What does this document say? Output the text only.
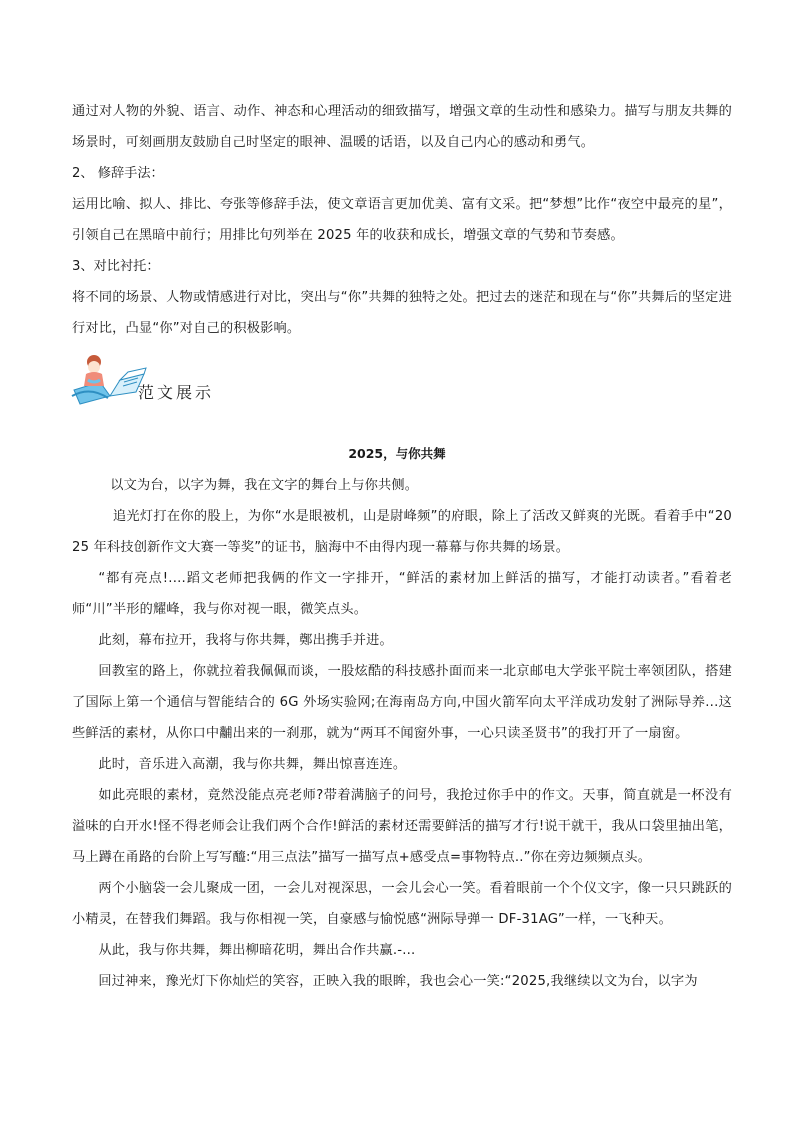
通过对人物的外貌、语言、动作、神态和心理活动的细致描写，增强文章的生动性和感染力。描写与朋友共舞的场景时，可刻画朋友鼓励自己时坚定的眼神、温暖的话语，以及自己内心的感动和勇气。

2、 修辞手法：

运用比喻、拟人、排比、夸张等修辞手法，使文章语言更加优美、富有文采。把“梦想”比作“夜空中最亮的星”，引领自己在黑暗中前行；用排比句列举在 2025 年的收获和成长，增强文章的气势和节奏感。

3、对比衬托：

将不同的场景、人物或情感进行对比，突出与“你”共舞的独特之处。把过去的迷茫和现在与“你”共舞后的坚定进行对比，凸显“你”对自己的积极影响。

范文展示
2025，与你共舞

以文为台，以字为舞，我在文字的舞台上与你共侧。

追光灯打在你的股上，为你“水是眼被机，山是尉峰频”的府眼，除上了活改又鲜爽的光既。看着手中“2025 年科技创新作文大赛一等奖”的证书，脑海中不由得内现一幕幕与你共舞的场景。

“都有亮点!.…蹈文老师把我俩的作文一字排开，“鲜活的素材加上鲜活的描写，才能打动读者。”看着老师“川”半形的耀峰，我与你对视一眼，微笑点头。

此刻，幕布拉开，我将与你共舞，鄭出携手并进。

回教室的路上，你就拉着我佩佩而谈，一股炫酷的科技感扑面而来一北京邮电大学张平院士率领团队，搭建了国际上第一个通信与智能结合的 6G 外场实验网;在海南岛方向,中国火箭军向太平洋成功发射了洲际导养...这些鲜活的素材，从你口中黼出来的一刹那，就为“两耳不闻窗外事，一心只读圣贤书”的我打开了一扇窗。

此时，音乐进入高潮，我与你共舞，舞出惊喜连连。

如此亮眼的素材，竟然没能点亮老师?带着满脑子的问号，我抢过你手中的作文。天事，简直就是一杯没有溢味的白开水!怪不得老师会让我们两个合作!鲜活的素材还需要鲜活的描写才行!说干就干，我从口袋里抽出笔，马上蹲在甬路的台阶上写写醯:“用三点法”描写一描写点+感受点=事物特点..”你在旁边频频点头。

两个小脑袋一会儿聚成一团，一会儿对视深思，一会儿会心一笑。看着眼前一个个仪文字，像一只只跳跃的小精灵，在替我们舞蹈。我与你相视一笑，自豪感与愉悦感“洲际导弹一 DF-31AG”一样，一飞种天。

从此，我与你共舞，舞出柳暗花明，舞出合作共赢.-...

回过神来，豫光灯下你灿烂的笑容，正映入我的眼眸，我也会心一笑:“2025,我继续以文为台，以字为
